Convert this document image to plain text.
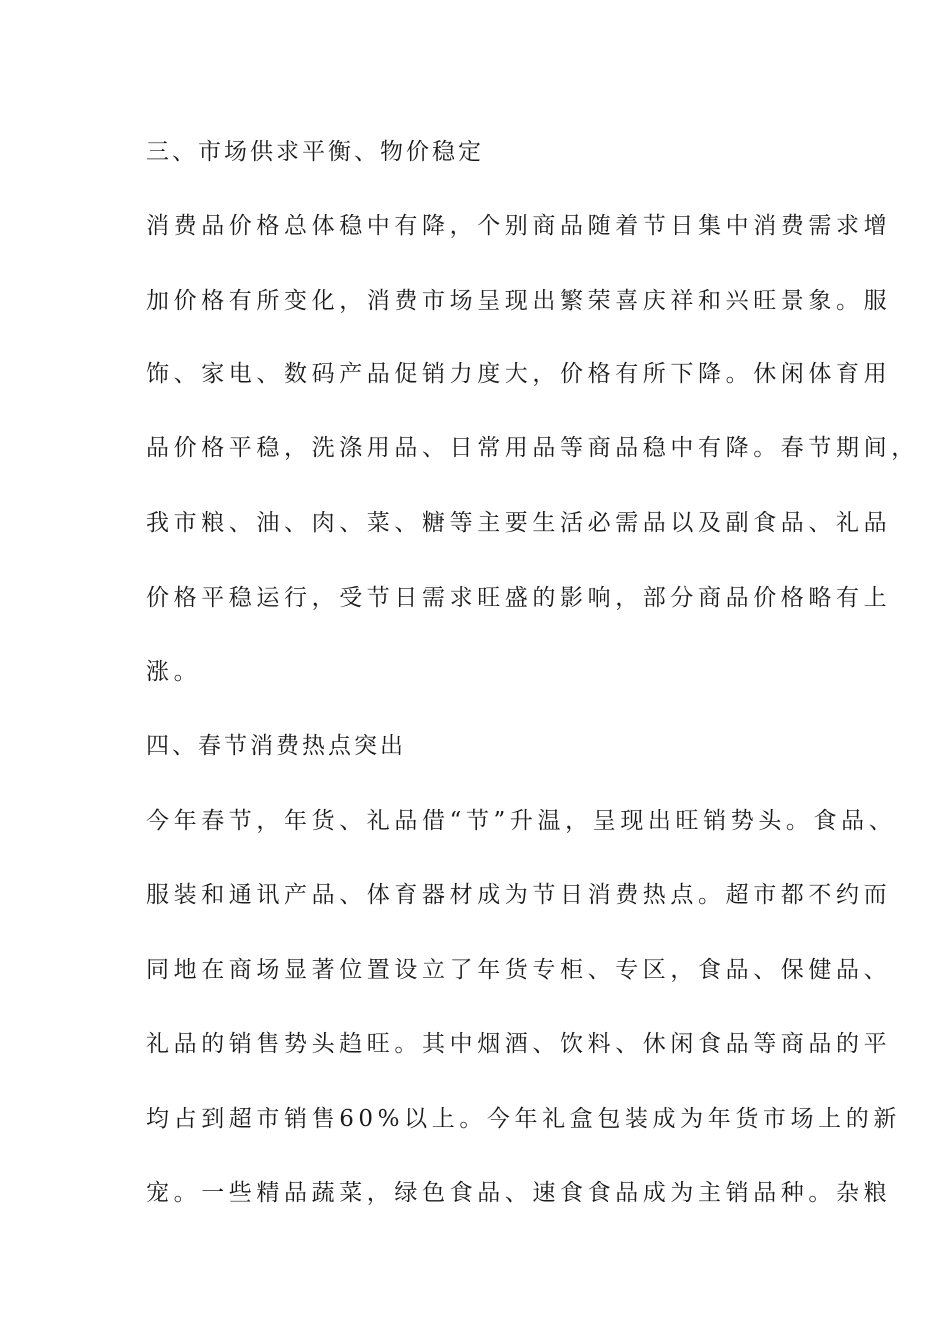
三、市场供求平衡、物价稳定

消费品价格总体稳中有降，个别商品随着节日集中消费需求增

加价格有所变化，消费市场呈现出繁荣喜庆祥和兴旺景象。服

饰、家电、数码产品促销力度大，价格有所下降。休闲体育用

品价格平稳，洗涤用品、日常用品等商品稳中有降。春节期间，

我市粮、油、肉、菜、糖等主要生活必需品以及副食品、礼品

价格平稳运行，受节日需求旺盛的影响，部分商品价格略有上

涨。

四、春节消费热点突出

今年春节，年货、礼品借“节”升温，呈现出旺销势头。食品、

服装和通讯产品、体育器材成为节日消费热点。超市都不约而

同地在商场显著位置设立了年货专柜、专区，食品、保健品、

礼品的销售势头趋旺。其中烟酒、饮料、休闲食品等商品的平

均占到超市销售60%以上。今年礼盒包装成为年货市场上的新

宠。一些精品蔬菜，绿色食品、速食食品成为主销品种。杂粮
